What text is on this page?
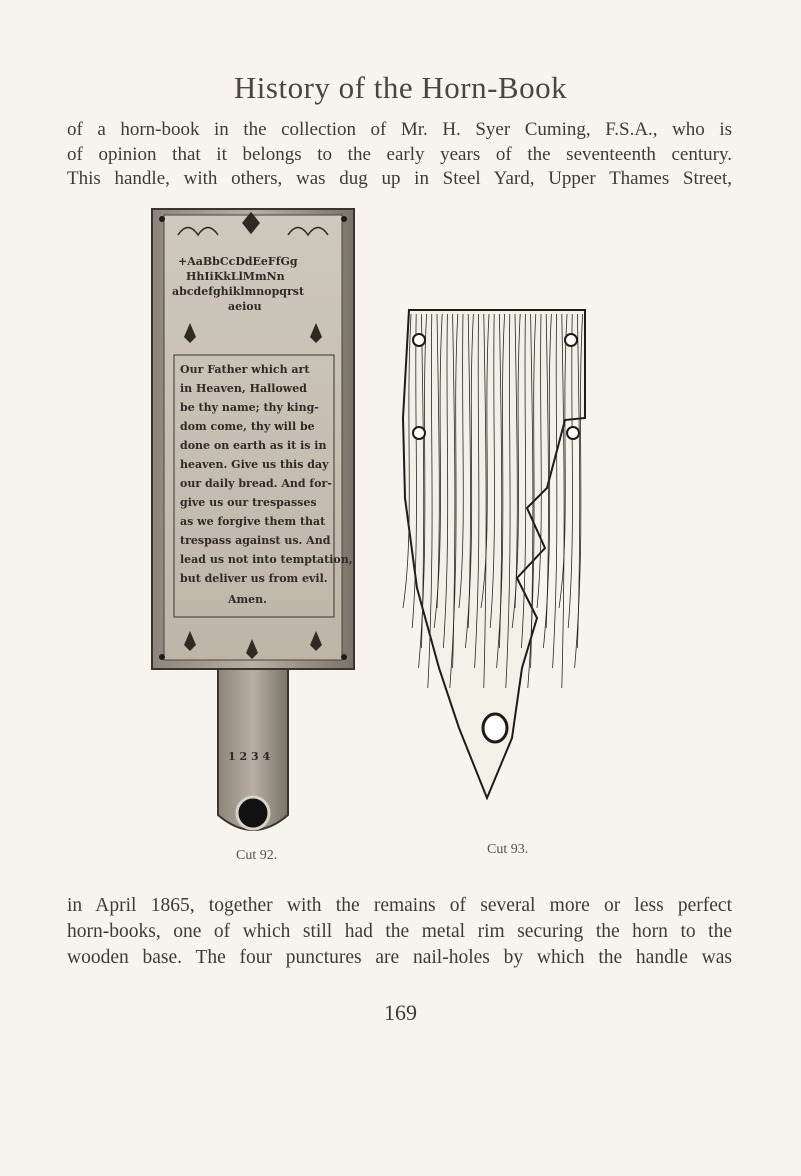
History of the Horn-Book
of a horn-book in the collection of Mr. H. Syer Cuming, F.S.A., who is
of opinion that it belongs to the early years of the seventeenth century.
This handle, with others, was dug up in Steel Yard, Upper Thames Street,
+AaBbCcDdEeFfGg
HhIiKkLlMmNn
abcdefghiklmnopqrst
aeiou
Our Father which art
in Heaven, Hallowed
be thy name; thy king-
dom come, thy will be
done on earth as it is in
heaven. Give us this day
our daily bread. And for-
give us our trespasses
as we forgive them that
trespass against us. And
lead us not into temptation,
but deliver us from evil.
Amen.
1 2 3 4
Cut 92.	Cut 93.
in April 1865, together with the remains of several more or less perfect
horn-books, one of which still had the metal rim securing the horn to the
wooden base. The four punctures are nail-holes by which the handle was
169
